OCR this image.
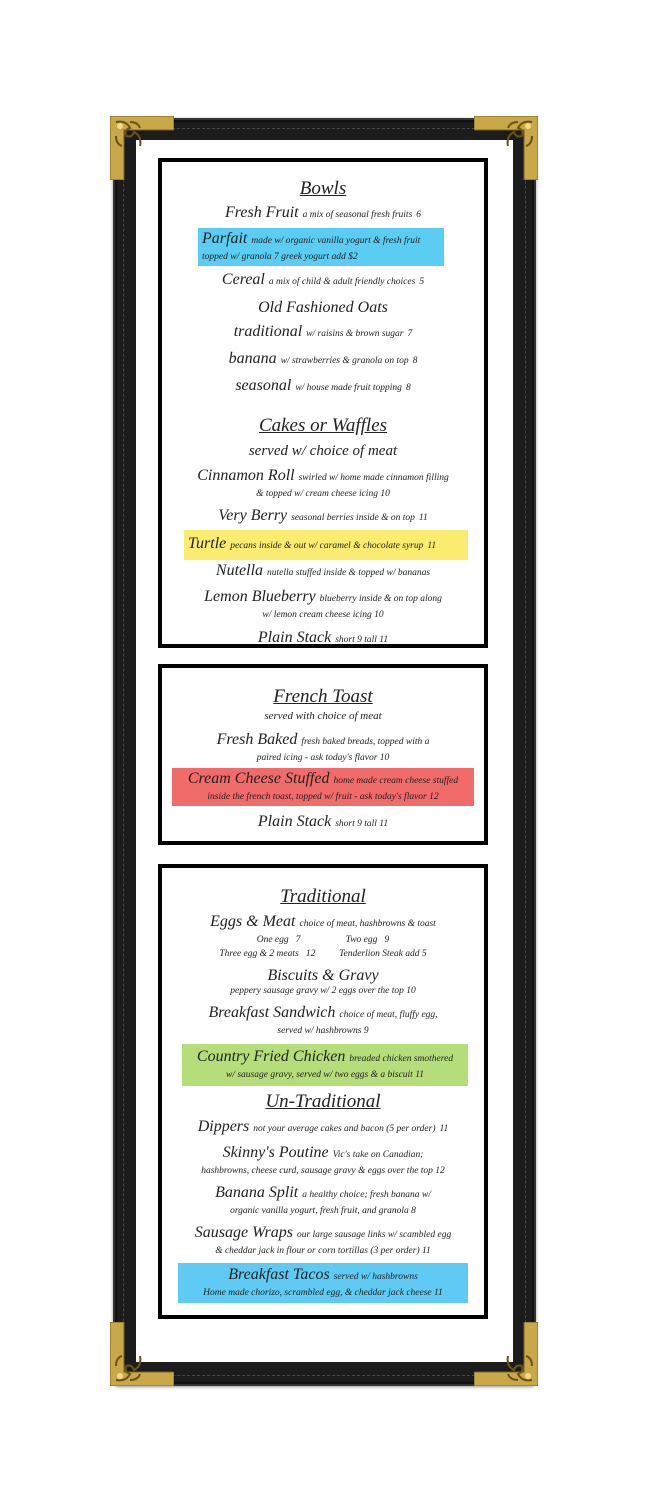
Bowls
Fresh Fruit a mix of seasonal fresh fruits 6
Parfait made w/ organic vanilla yogurt & fresh fruit
topped w/ granola 7 greek yogurt add $2
Cereal a mix of child & adult friendly choices 5
Old Fashioned Oats
traditional w/ raisins & brown sugar 7
banana w/ strawberries & granola on top 8
seasonal w/ house made fruit topping 8
Cakes or Waffles
served w/ choice of meat
Cinnamon Roll swirled w/ home made cinnamon filling
& topped w/ cream cheese icing 10
Very Berry seasonal berries inside & on top 11
Turtle pecans inside & out w/ caramel & chocolate syrup 11
Nutella nutella stuffed inside & topped w/ bananas
Lemon Blueberry blueberry inside & on top along
w/ lemon cream cheese icing 10
Plain Stack short 9 tall 11
French Toast
served with choice of meat
Fresh Baked fresh baked breads, topped with a
paired icing - ask today's flavor 10
Cream Cheese Stuffed home made cream cheese stuffed
inside the french toast, topped w/ fruit - ask today's flavor 12
Plain Stack short 9 tall 11
Traditional
Eggs & Meat choice of meat, hashbrowns & toast
One egg   7                   Two egg   9
Three egg & 2 meats   12          Tenderlion Steak add 5
Biscuits & Gravy
peppery sausage gravy w/ 2 eggs over the top 10
Breakfast Sandwich choice of meat, fluffy egg,
served w/ hashbrowns 9
Country Fried Chicken breaded chicken smothered
w/ sausage gravy, served w/ two eggs & a biscuit 11
Un-Traditional
Dippers not your average cakes and bacon (5 per order) 11
Skinny's Poutine Vic's take on Canadian;
hashbrowns, cheese curd, sausage gravy & eggs over the top 12
Banana Split a healthy choice; fresh banana w/
organic vanilla yogurt, fresh fruit, and granola 8
Sausage Wraps our large sausage links w/ scambled egg
& cheddar jack in flour or corn tortillas (3 per order) 11
Breakfast Tacos served w/ hashbrowns
Home made chorizo, scrambled egg, & cheddar jack cheese 11
